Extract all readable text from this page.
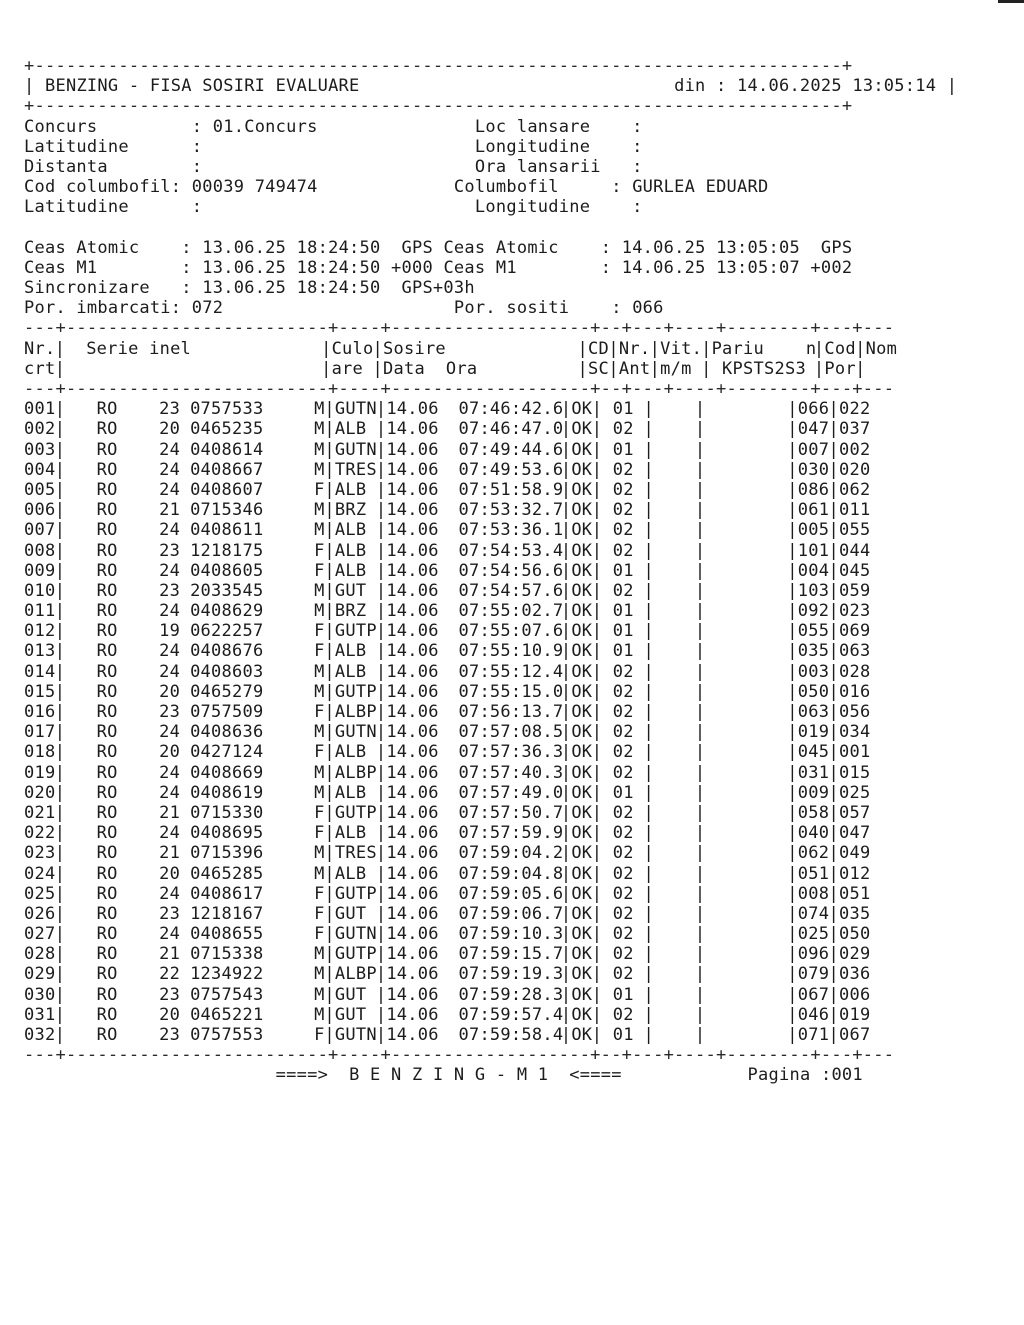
+-----------------------------------------------------------------------------+
| BENZING - FISA SOSIRI EVALUARE	din : 14.06.2025 13:05:14 |
+-----------------------------------------------------------------------------+
Concurs         : 01.Concurs	Loc lansare    :
Latitudine      :	Longitudine    :
Distanta        :	Ora lansarii   :
Cod columbofil: 00039 749474	Columbofil     : GURLEA EDUARD
Latitudine      :	Longitudine    :

Ceas Atomic    : 13.06.25 18:24:50  GPS Ceas Atomic    : 14.06.25 13:05:05  GPS
Ceas M1        : 13.06.25 18:24:50 +000 Ceas M1        : 14.06.25 13:05:07 +002
Sincronizare   : 13.06.25 18:24:50  GPS+03h
Por. imbarcati: 072	Por. sositi    : 066
---+-------------------------+----+-------------------+--+---+----+--------+---+---
Nr.| Serie inel	|Culo|Sosire	|CD|Nr.|Vit.|Pariu    n|Cod|Nom
crt|	|are |Data  Ora	|SC|Ant|m/m | KPSTS2S3 |Por|
---+-------------------------+----+-------------------+--+---+----+--------+---+---
001| RO 23 0757533	M|GUTN|14.06 07:46:42.6|OK| 01 | |	|066|022
002| RO 20 0465235	M|ALB |14.06 07:46:47.0|OK| 02 | |	|047|037
003| RO 24 0408614	M|GUTN|14.06 07:49:44.6|OK| 01 | |	|007|002
004| RO 24 0408667	M|TRES|14.06 07:49:53.6|OK| 02 | |	|030|020
005| RO 24 0408607	F|ALB |14.06 07:51:58.9|OK| 02 | |	|086|062
006| RO 21 0715346	M|BRZ |14.06 07:53:32.7|OK| 02 | |	|061|011
007| RO 24 0408611	M|ALB |14.06 07:53:36.1|OK| 02 | |	|005|055
008| RO 23 1218175	F|ALB |14.06 07:54:53.4|OK| 02 | |	|101|044
009| RO 24 0408605	F|ALB |14.06 07:54:56.6|OK| 01 | |	|004|045
010| RO 23 2033545	M|GUT |14.06 07:54:57.6|OK| 02 | |	|103|059
011| RO 24 0408629	M|BRZ |14.06 07:55:02.7|OK| 01 | |	|092|023
012| RO 19 0622257	F|GUTP|14.06 07:55:07.6|OK| 01 | |	|055|069
013| RO 24 0408676	F|ALB |14.06 07:55:10.9|OK| 01 | |	|035|063
014| RO 24 0408603	M|ALB |14.06 07:55:12.4|OK| 02 | |	|003|028
015| RO 20 0465279	M|GUTP|14.06 07:55:15.0|OK| 02 | |	|050|016
016| RO 23 0757509	F|ALBP|14.06 07:56:13.7|OK| 02 | |	|063|056
017| RO 24 0408636	M|GUTN|14.06 07:57:08.5|OK| 02 | |	|019|034
018| RO 20 0427124	F|ALB |14.06 07:57:36.3|OK| 02 | |	|045|001
019| RO 24 0408669	M|ALBP|14.06 07:57:40.3|OK| 02 | |	|031|015
020| RO 24 0408619	M|ALB |14.06 07:57:49.0|OK| 01 | |	|009|025
021| RO 21 0715330	F|GUTP|14.06 07:57:50.7|OK| 02 | |	|058|057
022| RO 24 0408695	F|ALB |14.06 07:57:59.9|OK| 02 | |	|040|047
023| RO 21 0715396	M|TRES|14.06 07:59:04.2|OK| 02 | |	|062|049
024| RO 20 0465285	M|ALB |14.06 07:59:04.8|OK| 02 | |	|051|012
025| RO 24 0408617	F|GUTP|14.06 07:59:05.6|OK| 02 | |	|008|051
026| RO 23 1218167	F|GUT |14.06 07:59:06.7|OK| 02 | |	|074|035
027| RO 24 0408655	F|GUTN|14.06 07:59:10.3|OK| 02 | |	|025|050
028| RO 21 0715338	M|GUTP|14.06 07:59:15.7|OK| 02 | |	|096|029
029| RO 22 1234922	M|ALBP|14.06 07:59:19.3|OK| 02 | |	|079|036
030| RO 23 0757543	M|GUT |14.06 07:59:28.3|OK| 01 | |	|067|006
031| RO 20 0465221	M|GUT |14.06 07:59:57.4|OK| 02 | |	|046|019
032| RO 23 0757553	F|GUTN|14.06 07:59:58.4|OK| 01 | |	|071|067
---+-------------------------+----+-------------------+--+---+----+--------+---+---
====> B E N Z I N G - M 1 <====	Pagina :001
